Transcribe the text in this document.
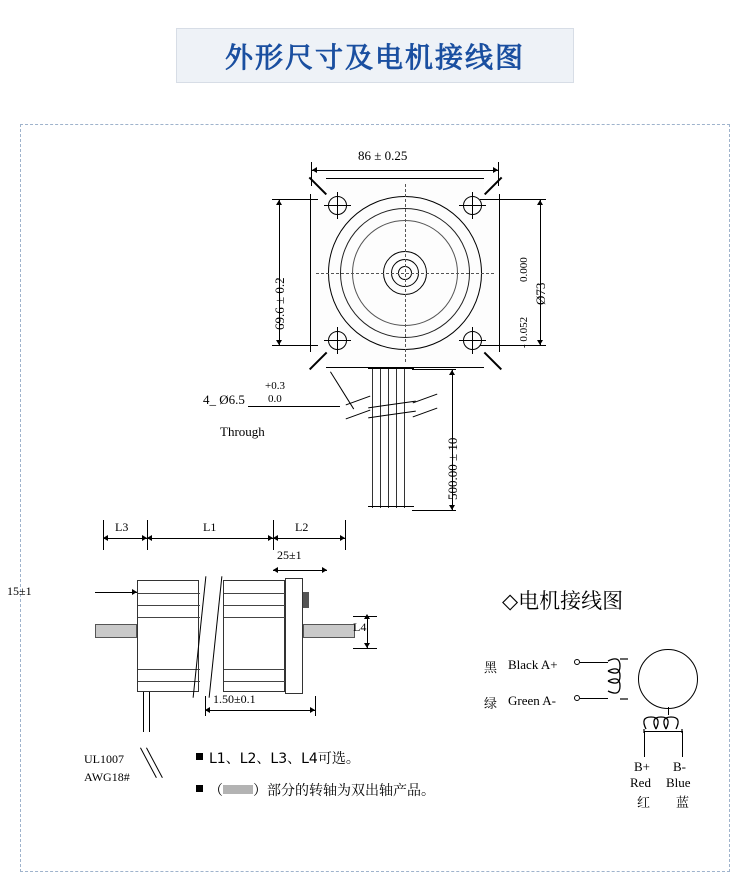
外形尺寸及电机接线图
86 ± 0.25
69.6 ± 0.2	Ø73
0.000
- 0.052
+0.3
0.0
4_ Ø6.5
Through
500.00 ± 10
L3	L1	L2
25±1
15±1
L4
1.50±0.1
UL1007
AWG18#
L1、L2、L3、L4可选。
（ ）部分的转轴为双出轴产品。
◇电机接线图
黑 Black A+
绿 Green A-
B+
Red
红
B-
Blue
蓝
